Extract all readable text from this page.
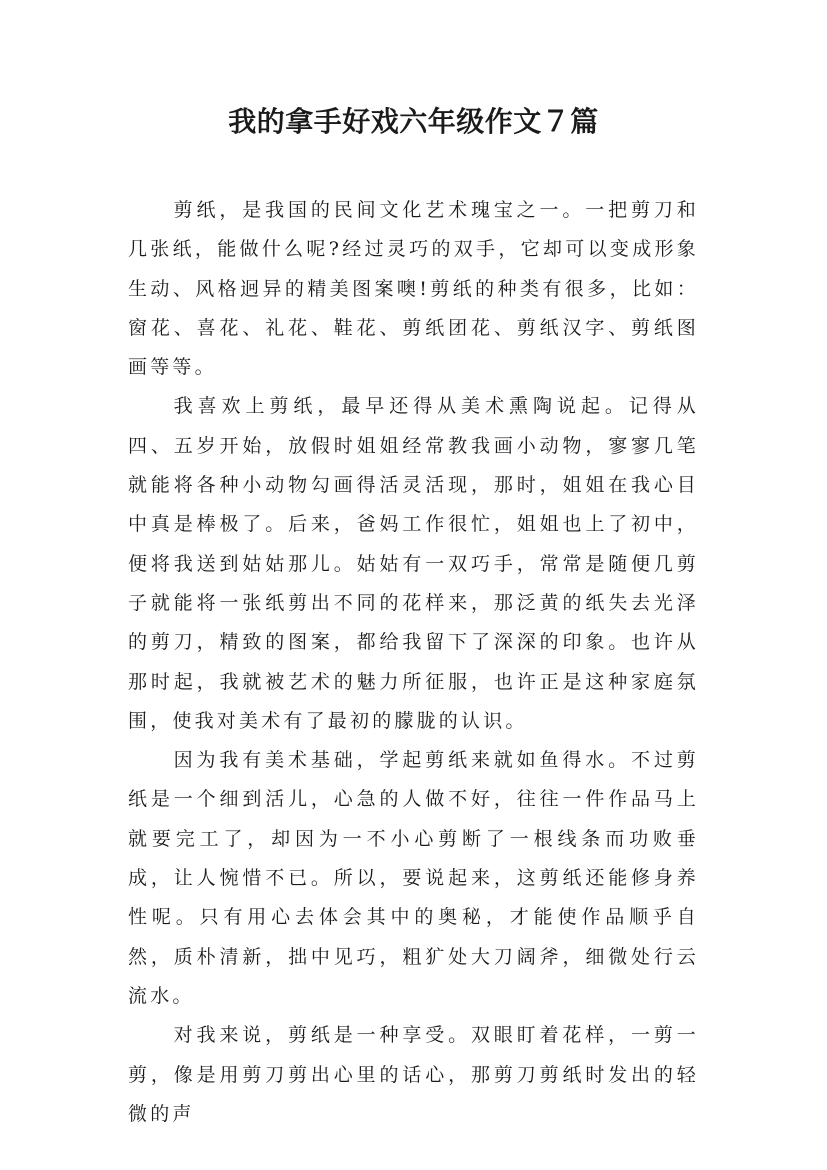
我的拿手好戏六年级作文７篇

剪纸，是我国的民间文化艺术瑰宝之一。一把剪刀和几张纸，能做什么呢?经过灵巧的双手，它却可以变成形象生动、风格迥异的精美图案噢!剪纸的种类有很多，比如：窗花、喜花、礼花、鞋花、剪纸团花、剪纸汉字、剪纸图画等等。

我喜欢上剪纸，最早还得从美术熏陶说起。记得从四、五岁开始，放假时姐姐经常教我画小动物，寥寥几笔就能将各种小动物勾画得活灵活现，那时，姐姐在我心目中真是棒极了。后来，爸妈工作很忙，姐姐也上了初中，便将我送到姑姑那儿。姑姑有一双巧手，常常是随便几剪子就能将一张纸剪出不同的花样来，那泛黄的纸失去光泽的剪刀，精致的图案，都给我留下了深深的印象。也许从那时起，我就被艺术的魅力所征服，也许正是这种家庭氛围，使我对美术有了最初的朦胧的认识。

因为我有美术基础，学起剪纸来就如鱼得水。不过剪纸是一个细到活儿，心急的人做不好，往往一件作品马上就要完工了，却因为一不小心剪断了一根线条而功败垂成，让人惋惜不已。所以，要说起来，这剪纸还能修身养性呢。只有用心去体会其中的奥秘，才能使作品顺乎自然，质朴清新，拙中见巧，粗犷处大刀阔斧，细微处行云流水。

对我来说，剪纸是一种享受。双眼盯着花样，一剪一剪，像是用剪刀剪出心里的话心，那剪刀剪纸时发出的轻微的声
